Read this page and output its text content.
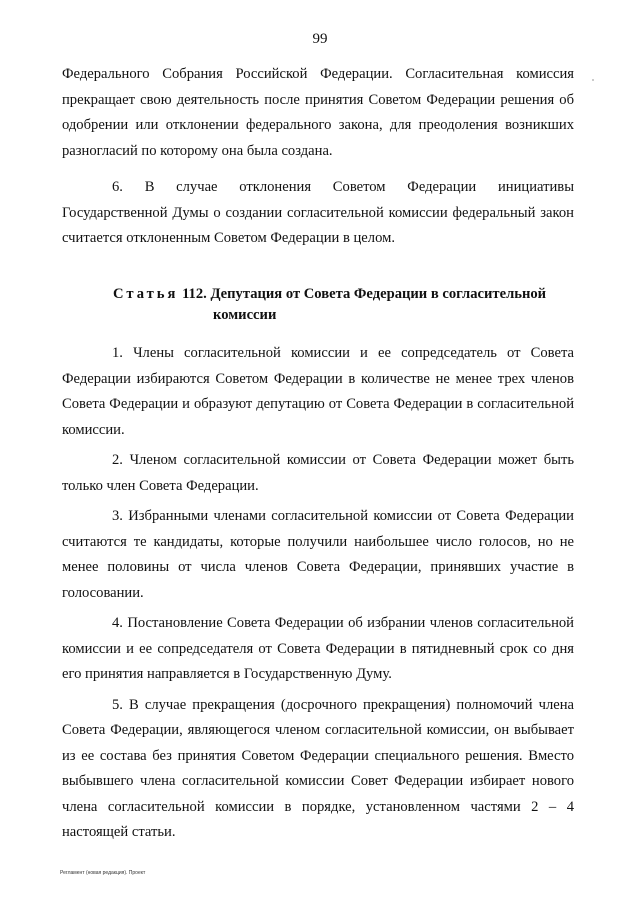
99

Федерального Собрания Российской Федерации. Согласительная комиссия прекращает свою деятельность после принятия Советом Федерации решения об одобрении или отклонении федерального закона, для преодоления возникших разногласий по которому она была создана.

6. В случае отклонения Советом Федерации инициативы Государственной Думы о создании согласительной комиссии федеральный закон считается отклоненным Советом Федерации в целом.

Статья 112. Депутация от Совета Федерации в согласительной
комиссии

1. Члены согласительной комиссии и ее сопредседатель от Совета Федерации избираются Советом Федерации в количестве не менее трех членов Совета Федерации и образуют депутацию от Совета Федерации в согласительной комиссии.

2. Членом согласительной комиссии от Совета Федерации может быть только член Совета Федерации.

3. Избранными членами согласительной комиссии от Совета Федерации считаются те кандидаты, которые получили наибольшее число голосов, но не менее половины от числа членов Совета Федерации, принявших участие в голосовании.

4. Постановление Совета Федерации об избрании членов согласительной комиссии и ее сопредседателя от Совета Федерации в пятидневный срок со дня его принятия направляется в Государственную Думу.

5. В случае прекращения (досрочного прекращения) полномочий члена Совета Федерации, являющегося членом согласительной комиссии, он выбывает из ее состава без принятия Советом Федерации специального решения. Вместо выбывшего члена согласительной комиссии Совет Федерации избирает нового члена согласительной комиссии в порядке, установленном частями 2 – 4 настоящей статьи.

Регламент (новая редакция). Проект
